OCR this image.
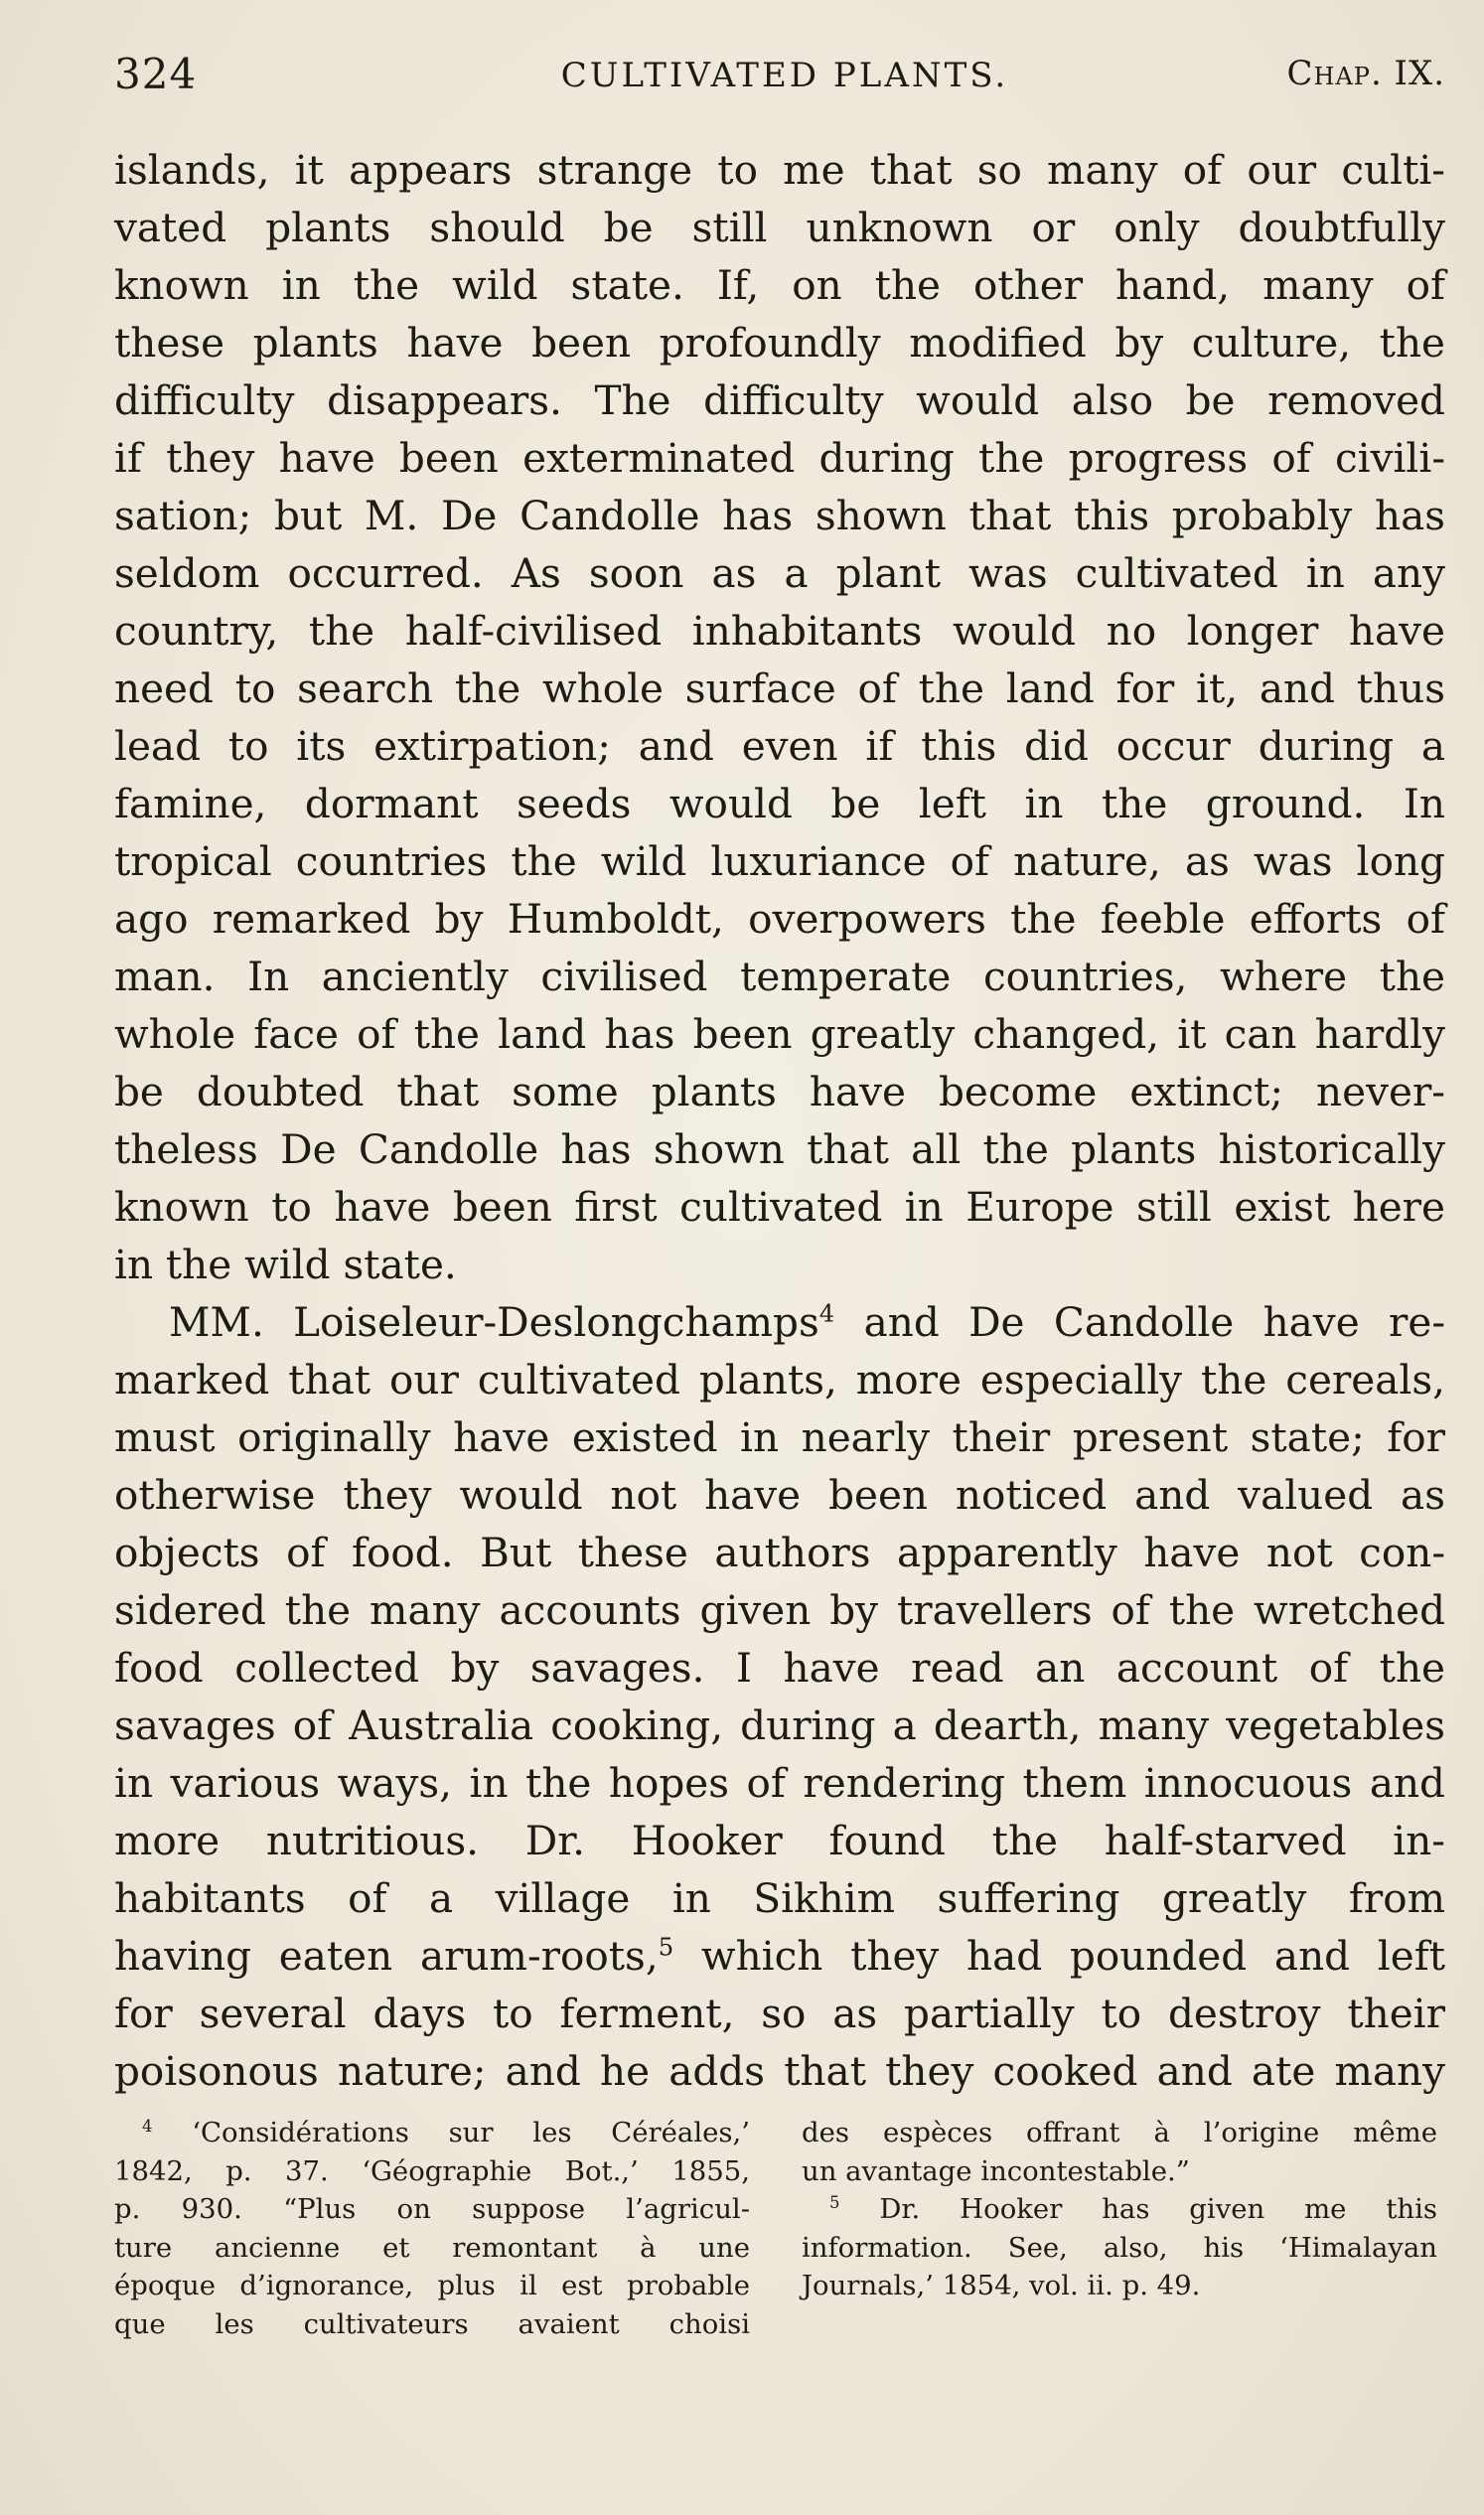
324	CULTIVATED PLANTS.	Chap. IX.
islands, it appears strange to me that so many of our culti-
vated plants should be still unknown or only doubtfully
known in the wild state. If, on the other hand, many of
these plants have been profoundly modified by culture, the
difficulty disappears. The difficulty would also be removed
if they have been exterminated during the progress of civili-
sation; but M. De Candolle has shown that this probably has
seldom occurred. As soon as a plant was cultivated in any
country, the half-civilised inhabitants would no longer have
need to search the whole surface of the land for it, and thus
lead to its extirpation; and even if this did occur during a
famine, dormant seeds would be left in the ground. In
tropical countries the wild luxuriance of nature, as was long
ago remarked by Humboldt, overpowers the feeble efforts of
man. In anciently civilised temperate countries, where the
whole face of the land has been greatly changed, it can hardly
be doubted that some plants have become extinct; never-
theless De Candolle has shown that all the plants historically
known to have been first cultivated in Europe still exist here
in the wild state.
MM. Loiseleur-Deslongchamps$^4$ and De Candolle have re-
marked that our cultivated plants, more especially the cereals,
must originally have existed in nearly their present state; for
otherwise they would not have been noticed and valued as
objects of food. But these authors apparently have not con-
sidered the many accounts given by travellers of the wretched
food collected by savages. I have read an account of the
savages of Australia cooking, during a dearth, many vegetables
in various ways, in the hopes of rendering them innocuous and
more nutritious. Dr. Hooker found the half-starved in-
habitants of a village in Sikhim suffering greatly from
having eaten arum-roots,$^5$ which they had pounded and left
for several days to ferment, so as partially to destroy their
poisonous nature; and he adds that they cooked and ate many
$^4$ ‘Considérations sur les Céréales,’
1842, p. 37. ‘Géographie Bot.,’ 1855,
p. 930. “Plus on suppose l’agricul-
ture ancienne et remontant à une
époque d’ignorance, plus il est probable
que les cultivateurs avaient choisi
des espèces offrant à l’origine même
un avantage incontestable.”
$^5$ Dr. Hooker has given me this
information. See, also, his ‘Himalayan
Journals,’ 1854, vol. ii. p. 49.
